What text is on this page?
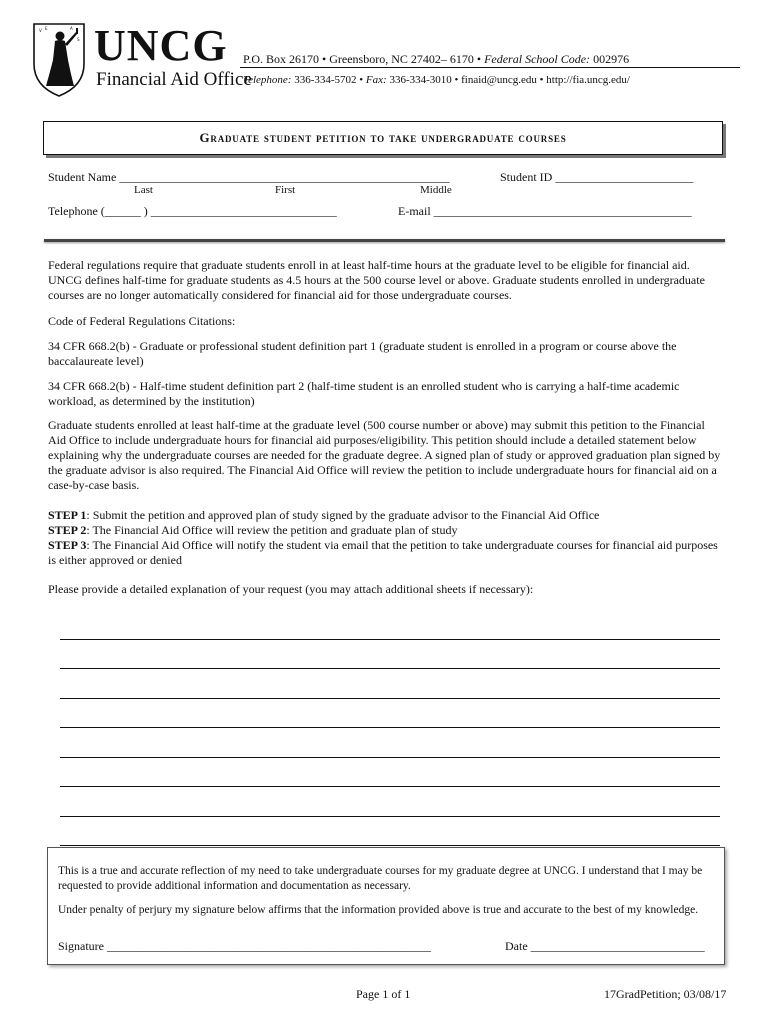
V E	A
S UNCG
Financial Aid Office
P.O. Box 26170 • Greensboro, NC 27402– 6170 • Federal School Code: 002976
Telephone: 336-334-5702 • Fax: 336-334-3010 • finaid@uncg.edu • http://fia.uncg.edu/
Graduate student petition to take undergraduate courses
Student Name _______________________________________________________	Student ID _______________________
Last	First	Middle
Telephone (______ ) _______________________________	E-mail ___________________________________________

Federal regulations require that graduate students enroll in at least half-time hours at the graduate level to be eligible for financial aid. UNCG defines half-time for graduate students as 4.5 hours at the 500 course level or above. Graduate students enrolled in undergraduate courses are no longer automatically considered for financial aid for those undergraduate courses.

Code of Federal Regulations Citations:

34 CFR 668.2(b) - Graduate or professional student definition part 1 (graduate student is enrolled in a program or course above the baccalaureate level)

34 CFR 668.2(b) - Half-time student definition part 2 (half-time student is an enrolled student who is carrying a half-time academic workload, as determined by the institution)

Graduate students enrolled at least half-time at the graduate level (500 course number or above) may submit this petition to the Financial Aid Office to include undergraduate hours for financial aid purposes/eligibility. This petition should include a detailed statement below explaining why the undergraduate courses are needed for the graduate degree. A signed plan of study or approved graduation plan signed by the graduate advisor is also required. The Financial Aid Office will review the petition to include undergraduate hours for financial aid on a case-by-case basis.

STEP 1: Submit the petition and approved plan of study signed by the graduate advisor to the Financial Aid Office

STEP 2: The Financial Aid Office will review the petition and graduate plan of study

STEP 3: The Financial Aid Office will notify the student via email that the petition to take undergraduate courses for financial aid purposes is either approved or denied

Please provide a detailed explanation of your request (you may attach additional sheets if necessary):

This is a true and accurate reflection of my need to take undergraduate courses for my graduate degree at UNCG. I understand that I may be requested to provide additional information and documentation as necessary.
Under penalty of perjury my signature below affirms that the information provided above is true and accurate to the best of my knowledge.
Signature ______________________________________________________	Date _____________________________
Page 1 of 1	17GradPetition; 03/08/17
